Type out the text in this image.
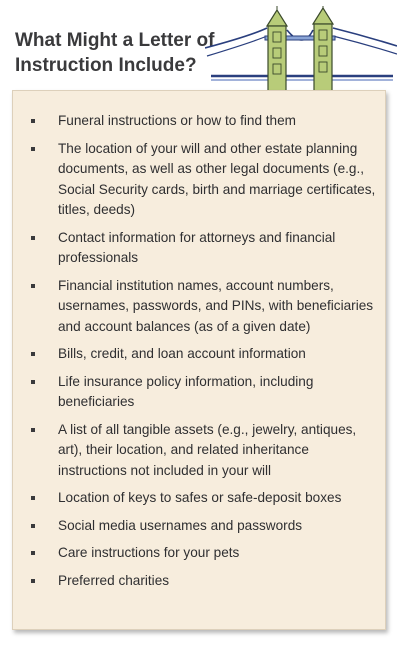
What Might a Letter of
Instruction Include?
Funeral instructions or how to find them
The location of your will and other estate planning documents, as well as other legal documents (e.g., Social Security cards, birth and marriage certificates, titles, deeds)
Contact information for attorneys and financial professionals
Financial institution names, account numbers, usernames, passwords, and PINs, with beneficiaries and account balances (as of a given date)
Bills, credit, and loan account information
Life insurance policy information, including beneficiaries
A list of all tangible assets (e.g., jewelry, antiques, art), their location, and related inheritance instructions not included in your will
Location of keys to safes or safe-deposit boxes
Social media usernames and passwords
Care instructions for your pets
Preferred charities
